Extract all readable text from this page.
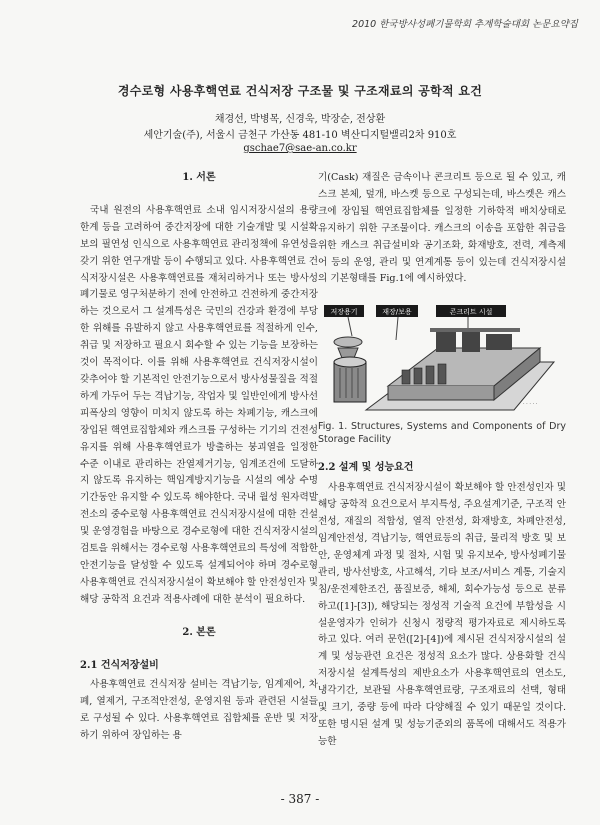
2010 한국방사성폐기물학회 추계학술대회 논문요약집
경수로형 사용후핵연료 건식저장 구조물 및 구조재료의 공학적 요건
채경선, 박병목, 신경욱, 박장순, 전상환
세안기술(주), 서울시 금천구 가산동 481-10 벽산디지털밸리2차 910호
gschae7@sae-an.co.kr
1. 서론

국내 원전의 사용후핵연료 소내 임시저장시설의 용량한계 등을 고려하여 중간저장에 대한 기술개발 및 시설확보의 필연성 인식으로 사용후핵연료 관리정책에 유연성을 갖기 위한 연구개발 등이 수행되고 있다. 사용후핵연료 건식저장시설은 사용후핵연료를 재처리하거나 또는 방사성폐기물로 영구처분하기 전에 안전하고 건전하게 중간저장하는 것으로서 그 설계특성은 국민의 건강과 환경에 부당한 위해를 유발하지 않고 사용후핵연료를 적절하게 인수, 취급 및 저장하고 필요시 회수할 수 있는 기능을 보장하는 것이 목적이다. 이를 위해 사용후핵연료 건식저장시설이 갖추어야 할 기본적인 안전기능으로서 방사성물질을 적절하게 가두어 두는 격납기능, 작업자 및 일반인에게 방사선 피폭상의 영향이 미치지 않도록 하는 차폐기능, 캐스크에 장입된 핵연료집합체와 캐스크를 구성하는 기기의 건전성 유지를 위해 사용후핵연료가 방출하는 붕괴열을 일정한 수준 이내로 관리하는 잔열제거기능, 임계조건에 도달하지 않도록 유지하는 핵임계방지기능을 시설의 예상 수명기간동안 유지할 수 있도록 해야한다. 국내 월성 원자력발전소의 중수로형 사용후핵연료 건식저장시설에 대한 건설 및 운영경험을 바탕으로 경수로형에 대한 건식저장시설의 검토을 위해서는 경수로형 사용후핵연료의 특성에 적합한 안전기능을 달성할 수 있도록 설계되어야 하며 경수로형 사용후핵연료 건식저장시설이 확보해야 할 안전성인자 및 해당 공학적 요건과 적용사례에 대한 분석이 필요하다.

2. 본론
2.1 건식저장설비

사용후핵연료 건식저장 설비는 격납기능, 임계제어, 차폐, 열제거, 구조적안전성, 운영지원 등과 관련된 시설들로 구성될 수 있다. 사용후핵연료 집합체를 운반 및 저장하기 위하여 장입하는 용

기(Cask) 재질은 금속이나 콘크리트 등으로 될 수 있고, 캐스크 본체, 덮개, 바스켓 등으로 구성되는데, 바스켓은 캐스크에 장입될 핵연료집합체를 일정한 기하학적 배치상태로 유지하기 위한 구조물이다. 캐스크의 이송을 포함한 취급을 위한 캐스크 취급설비와 공기조화, 화재방호, 전력, 계측제어 등의 운영, 관리 및 연계계통 등이 있는데 건식저장시설의 기본형태를 Fig.1에 예시하였다.

저장용기	재장/보용	콘크리트 시설
· · · · ·
Fig. 1. Structures, Systems and Components of Dry Storage Facility
2.2 설계 및 성능요건

사용후핵연료 건식저장시설이 확보해야 할 안전성인자 및 해당 공학적 요건으로서 부지특성, 주요설계기준, 구조적 안전성, 재질의 적합성, 열적 안전성, 화재방호, 차폐안전성, 임계안전성, 격납기능, 핵연료등의 취급, 물리적 방호 및 보안, 운영체계 과정 및 절차, 시험 및 유지보수, 방사성폐기물관리, 방사선방호, 사고해석, 기타 보조/서비스 계통, 기술지침/운전제한조건, 품질보증, 해체, 회수가능성 등으로 분류하고([1]-[3]), 해당되는 정성적 기술적 요건에 부합성을 시설운영자가 인허가 신청시 정량적 평가자료로 제시하도록 하고 있다. 여러 문헌([2]-[4])에 제시된 건식저장시설의 설계 및 성능관련 요건은 정성적 요소가 많다. 상용화할 건식저장시설 설계특성의 제반요소가 사용후핵연료의 연소도, 냉각기간, 보관될 사용후핵연료량, 구조재료의 선택, 형태 및 크기, 중량 등에 따라 다양해질 수 있기 때문일 것이다. 또한 명시된 설계 및 성능기준외의 품목에 대해서도 적용가능한

- 387 -
